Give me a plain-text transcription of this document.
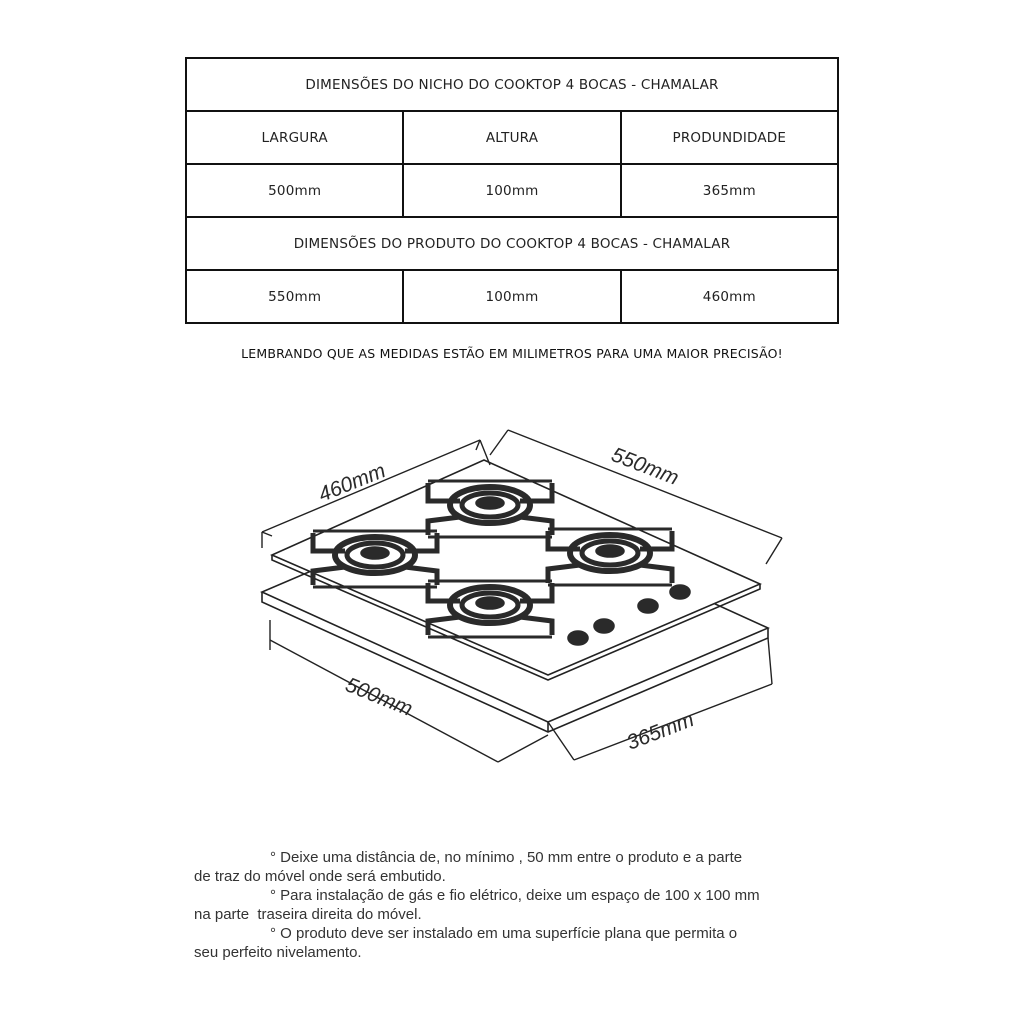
DIMENSÕES DO NICHO DO COOKTOP 4 BOCAS - CHAMALAR		
LARGURA	ALTURA	PRODUNDIDADE
500mm	100mm	365mm
DIMENSÕES DO PRODUTO DO COOKTOP 4 BOCAS - CHAMALAR		
550mm	100mm	460mm
LEMBRANDO QUE AS MEDIDAS ESTÃO EM MILIMETROS PARA UMA MAIOR PRECISÃO!
460mm	550mm
500mm
365mm
° Deixe uma distância de, no mínimo , 50 mm entre o produto e a parte
de traz do móvel onde será embutido.
° Para instalação de gás e fio elétrico, deixe um espaço de 100 x 100 mm
na parte  traseira direita do móvel.
° O produto deve ser instalado em uma superfície plana que permita o
seu perfeito nivelamento.
